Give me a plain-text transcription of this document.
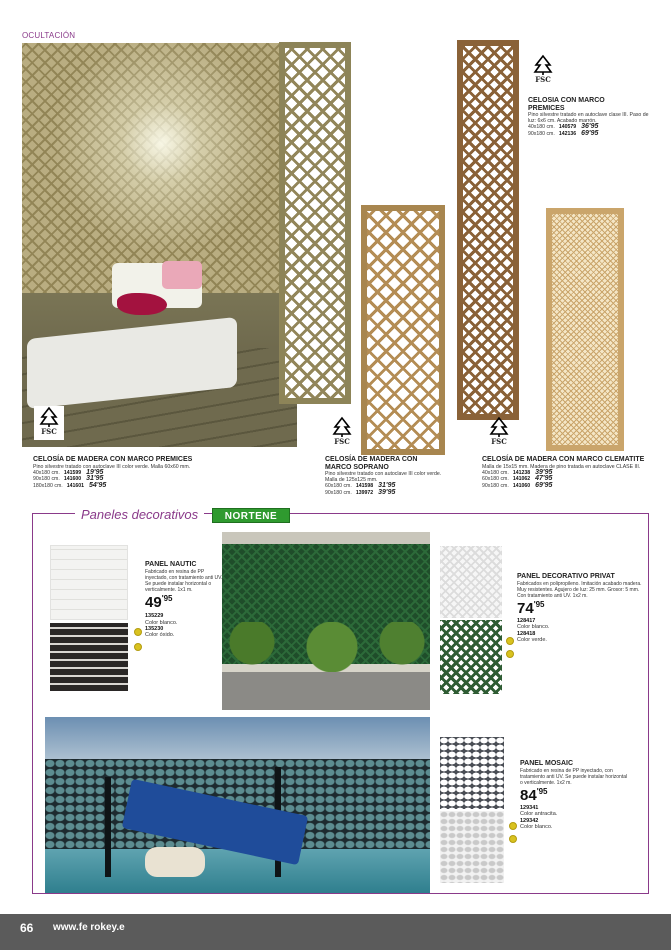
OCULTACIÓN
FSC
FSC	FSC
FSC
CELOSÍA DE MADERA CON MARCO PREMICES
Pino silvestre tratado con autoclave III color verde. Malla 60x60 mm.
40x180 cm. 141599 19'95
90x180 cm. 141600 31'95
180x180 cm. 141601 54'95
CELOSÍA DE MADERA CON MARCO SOPRANO
Pino silvestre tratado con autoclave III color verde. Malla de 125x125 mm.
60x180 cm. 141598 31'95
90x180 cm. 139972 39'95
CELOSÍA DE MADERA CON MARCO CLEMATITE
Malla de 15x15 mm. Madera de pino tratada en autoclave CLASE III.
40x180 cm. 141238 39'95
60x180 cm. 141062 47'95
90x180 cm. 141060 69'95
CELOSIA CON MARCO PREMICES
Pino silvestre tratado en autoclave clase III. Paso de luz: 6x6 cm. Acabado marrón.
40x180 cm. 140579 36'95
90x180 cm. 142136 69'95
Paneles decorativos	NORTENE
PANEL NAUTIC
Fabricado en resina de PP inyectado, con tratamiento anti UV. Se puede instalar horizontal o verticalmente. 1x1 m.
$49^{'95}$
135229
Color blanco.
135230
Color óxido.
PANEL DECORATIVO PRIVAT
Fabricados en polipropileno. Imitación acabado madera. Muy resistentes. Agujero de luz: 25 mm. Grosor: 5 mm. Con tratamiento anti UV. 1x2 m.
$74^{'95}$
128417
Color blanco.
128418
Color verde.
PANEL MOSAIC
Fabricado en resina de PP inyectado, con tratamiento anti UV. Se puede instalar horizontal o verticalmente. 1x2 m.
$84^{'95}$
129341
Color antracita.
129342
Color blanco.
66 www.fe rokey.e
